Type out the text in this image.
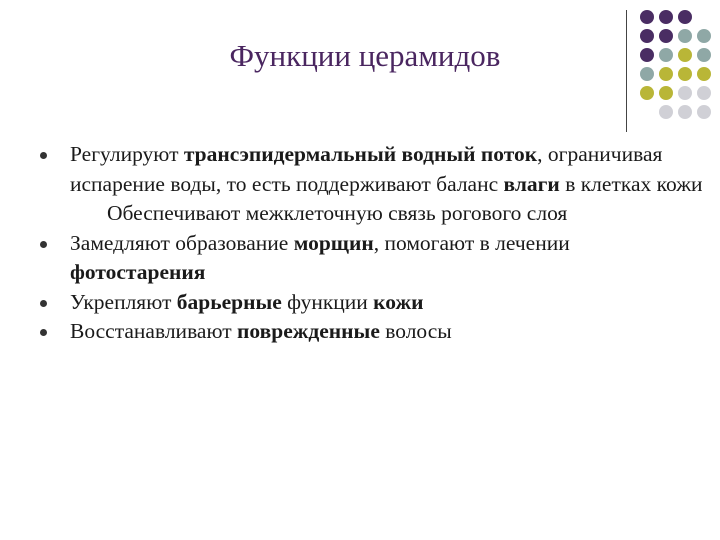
Функции церамидов
Регулируют трансэпидермальный водный поток, ограничивая испарение воды, то есть поддерживают баланс влаги в клетках кожи
Обеспечивают межклеточную связь рогового слоя
Замедляют образование морщин, помогают в лечении фотостарения
Укрепляют барьерные функции кожи
Восстанавливают поврежденные волосы
